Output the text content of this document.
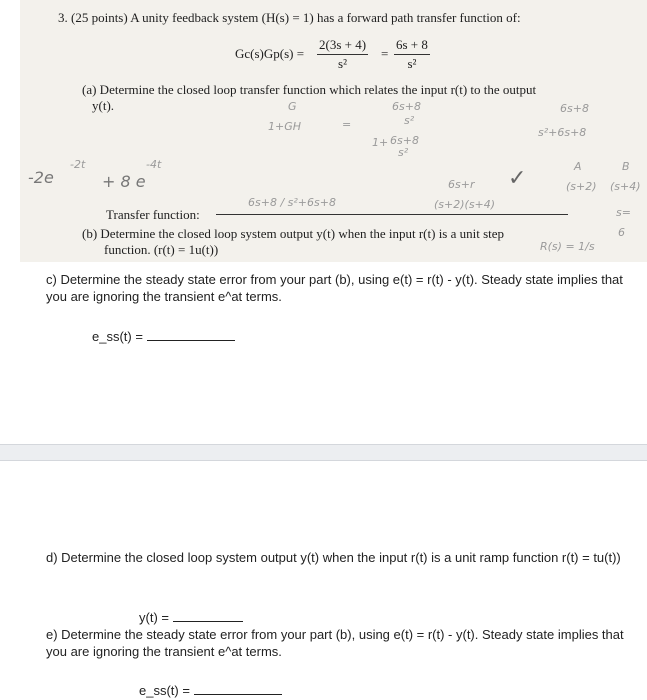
3. (25 points) A unity feedback system (H(s) = 1) has a forward path transfer function of:
$Gc(s)Gp(s) = \frac{2(3s + 4)}{\text{s²}} = \frac{6s + 8}{\text{s²}}$
(a) Determine the closed loop transfer function which relates the input r(t) to the output
y(t).	G
1+GH
6s+8
s²
6s+8
s²+6s+8
1+ 6s+8
s²
=
-2e
-2t
+ 8 e
-4t
6s+8 / s²+6s+8
6s+r
(s+2)(s+4)
✓	A
(s+2)
B
(s+4)
R(s) = 1/s
6
s=
Transfer function:
(b) Determine the closed loop system output y(t) when the input r(t) is a unit step
function. (r(t) = 1u(t))
c) Determine the steady state error from your part (b), using e(t) = r(t) - y(t). Steady state implies that you are ignoring the transient e^at terms.
e_ss(t) =
d) Determine the closed loop system output y(t) when the input r(t) is a unit ramp function r(t) = tu(t))
y(t) =
e) Determine the steady state error from your part (b), using e(t) = r(t) - y(t). Steady state implies that you are ignoring the transient e^at terms.
e_ss(t) =
